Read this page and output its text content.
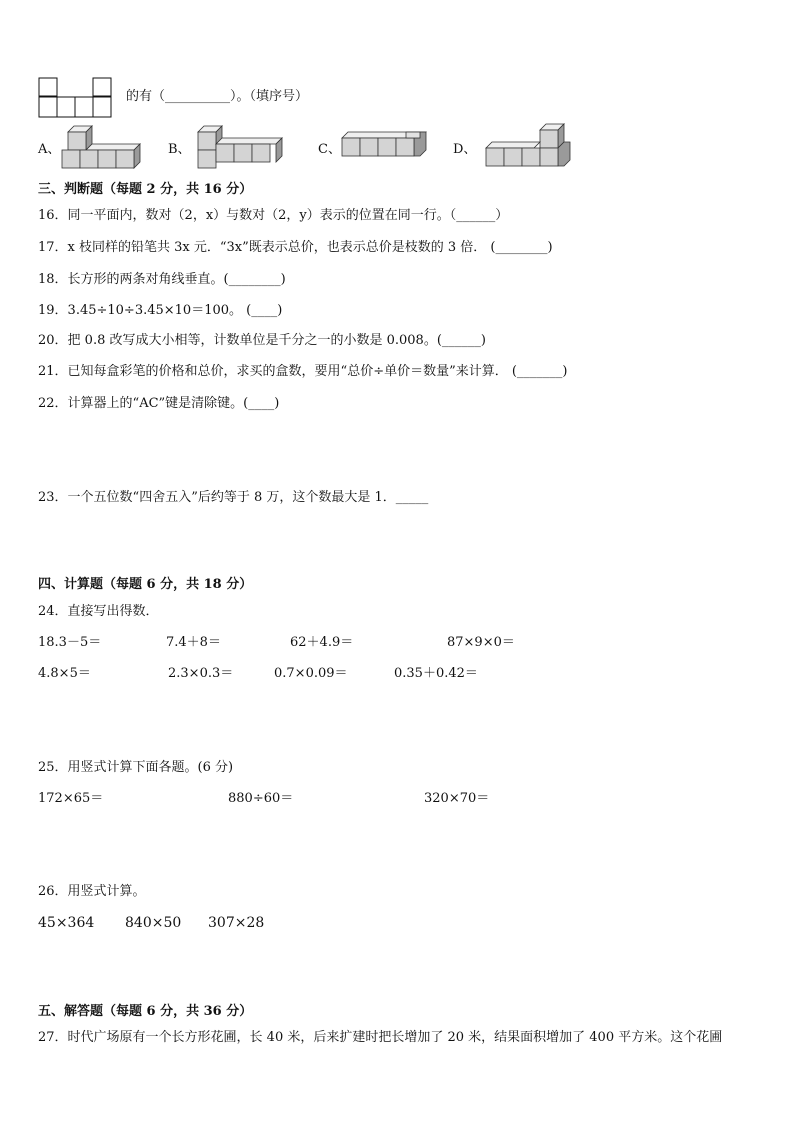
的有（__________）。（填序号）
A、	B、	C、	D、
三、判断题（每题 2 分，共 16 分）
16．同一平面内，数对（2，x）与数对（2，y）表示的位置在同一行。（______）
17．x 枝同样的铅笔共 3x 元．“3x”既表示总价，也表示总价是枝数的 3 倍． (________)
18．长方形的两条对角线垂直。(________)
19．3.45÷10÷3.45×10＝100。 (____)
20．把 0.8 改写成大小相等，计数单位是千分之一的小数是 0.008。(______)
21．已知每盒彩笔的价格和总价，求买的盒数，要用“总价÷单价＝数量”来计算． (_______)
22．计算器上的“AC”键是清除键。(____)
23．一个五位数“四舍五入”后约等于 8 万，这个数最大是 1．_____
四、计算题（每题 6 分，共 18 分）
24．直接写出得数．
18.3－5＝	7.4＋8＝	62＋4.9＝	87×9×0＝
4.8×5＝	2.3×0.3＝	0.7×0.09＝	0.35＋0.42＝
25．用竖式计算下面各题。(6 分)
172×65＝	880÷60＝	320×70＝
26．用竖式计算。
45×364 840×50 307×28
五、解答题（每题 6 分，共 36 分）
27．时代广场原有一个长方形花圃，长 40 米，后来扩建时把长增加了 20 米，结果面积增加了 400 平方米。这个花圃
